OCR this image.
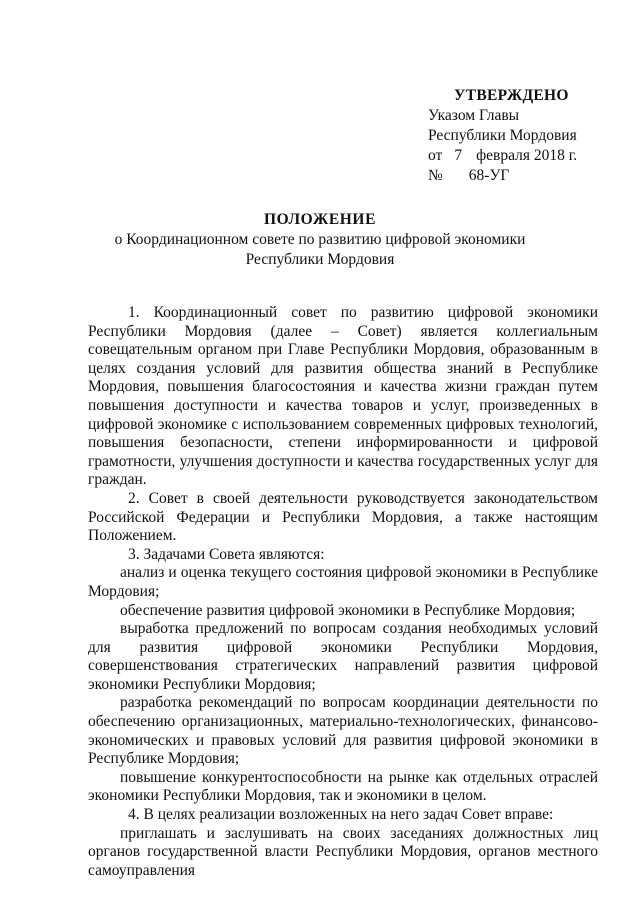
УТВЕРЖДЕНО
Указом Главы
Республики Мордовия
от 7 февраля 2018 г.
№ 68-УГ
ПОЛОЖЕНИЕ
о Координационном совете по развитию цифровой экономики
Республики Мордовия

1. Координационный совет по развитию цифровой экономики Республики Мордовия (далее – Совет) является коллегиальным совещательным органом при Главе Республики Мордовия, образованным в целях создания условий для развития общества знаний в Республике Мордовия, повышения благосостояния и качества жизни граждан путем повышения доступности и качества товаров и услуг, произведенных в цифровой экономике с использованием современных цифровых технологий, повышения безопасности, степени информированности и цифровой грамотности, улучшения доступности и качества государственных услуг для граждан.

2. Совет в своей деятельности руководствуется законодательством Российской Федерации и Республики Мордовия, а также настоящим Положением.

3. Задачами Совета являются:

анализ и оценка текущего состояния цифровой экономики в Республике Мордовия;

обеспечение развития цифровой экономики в Республике Мордовия;

выработка предложений по вопросам создания необходимых условий для развития цифровой экономики Республики Мордовия, совершенствования стратегических направлений развития цифровой экономики Республики Мордовия;

разработка рекомендаций по вопросам координации деятельности по обеспечению организационных, материально-технологических, финансово-экономических и правовых условий для развития цифровой экономики в Республике Мордовия;

повышение конкурентоспособности на рынке как отдельных отраслей экономики Республики Мордовия, так и экономики в целом.

4. В целях реализации возложенных на него задач Совет вправе:

приглашать и заслушивать на своих заседаниях должностных лиц органов государственной власти Республики Мордовия, органов местного самоуправления
